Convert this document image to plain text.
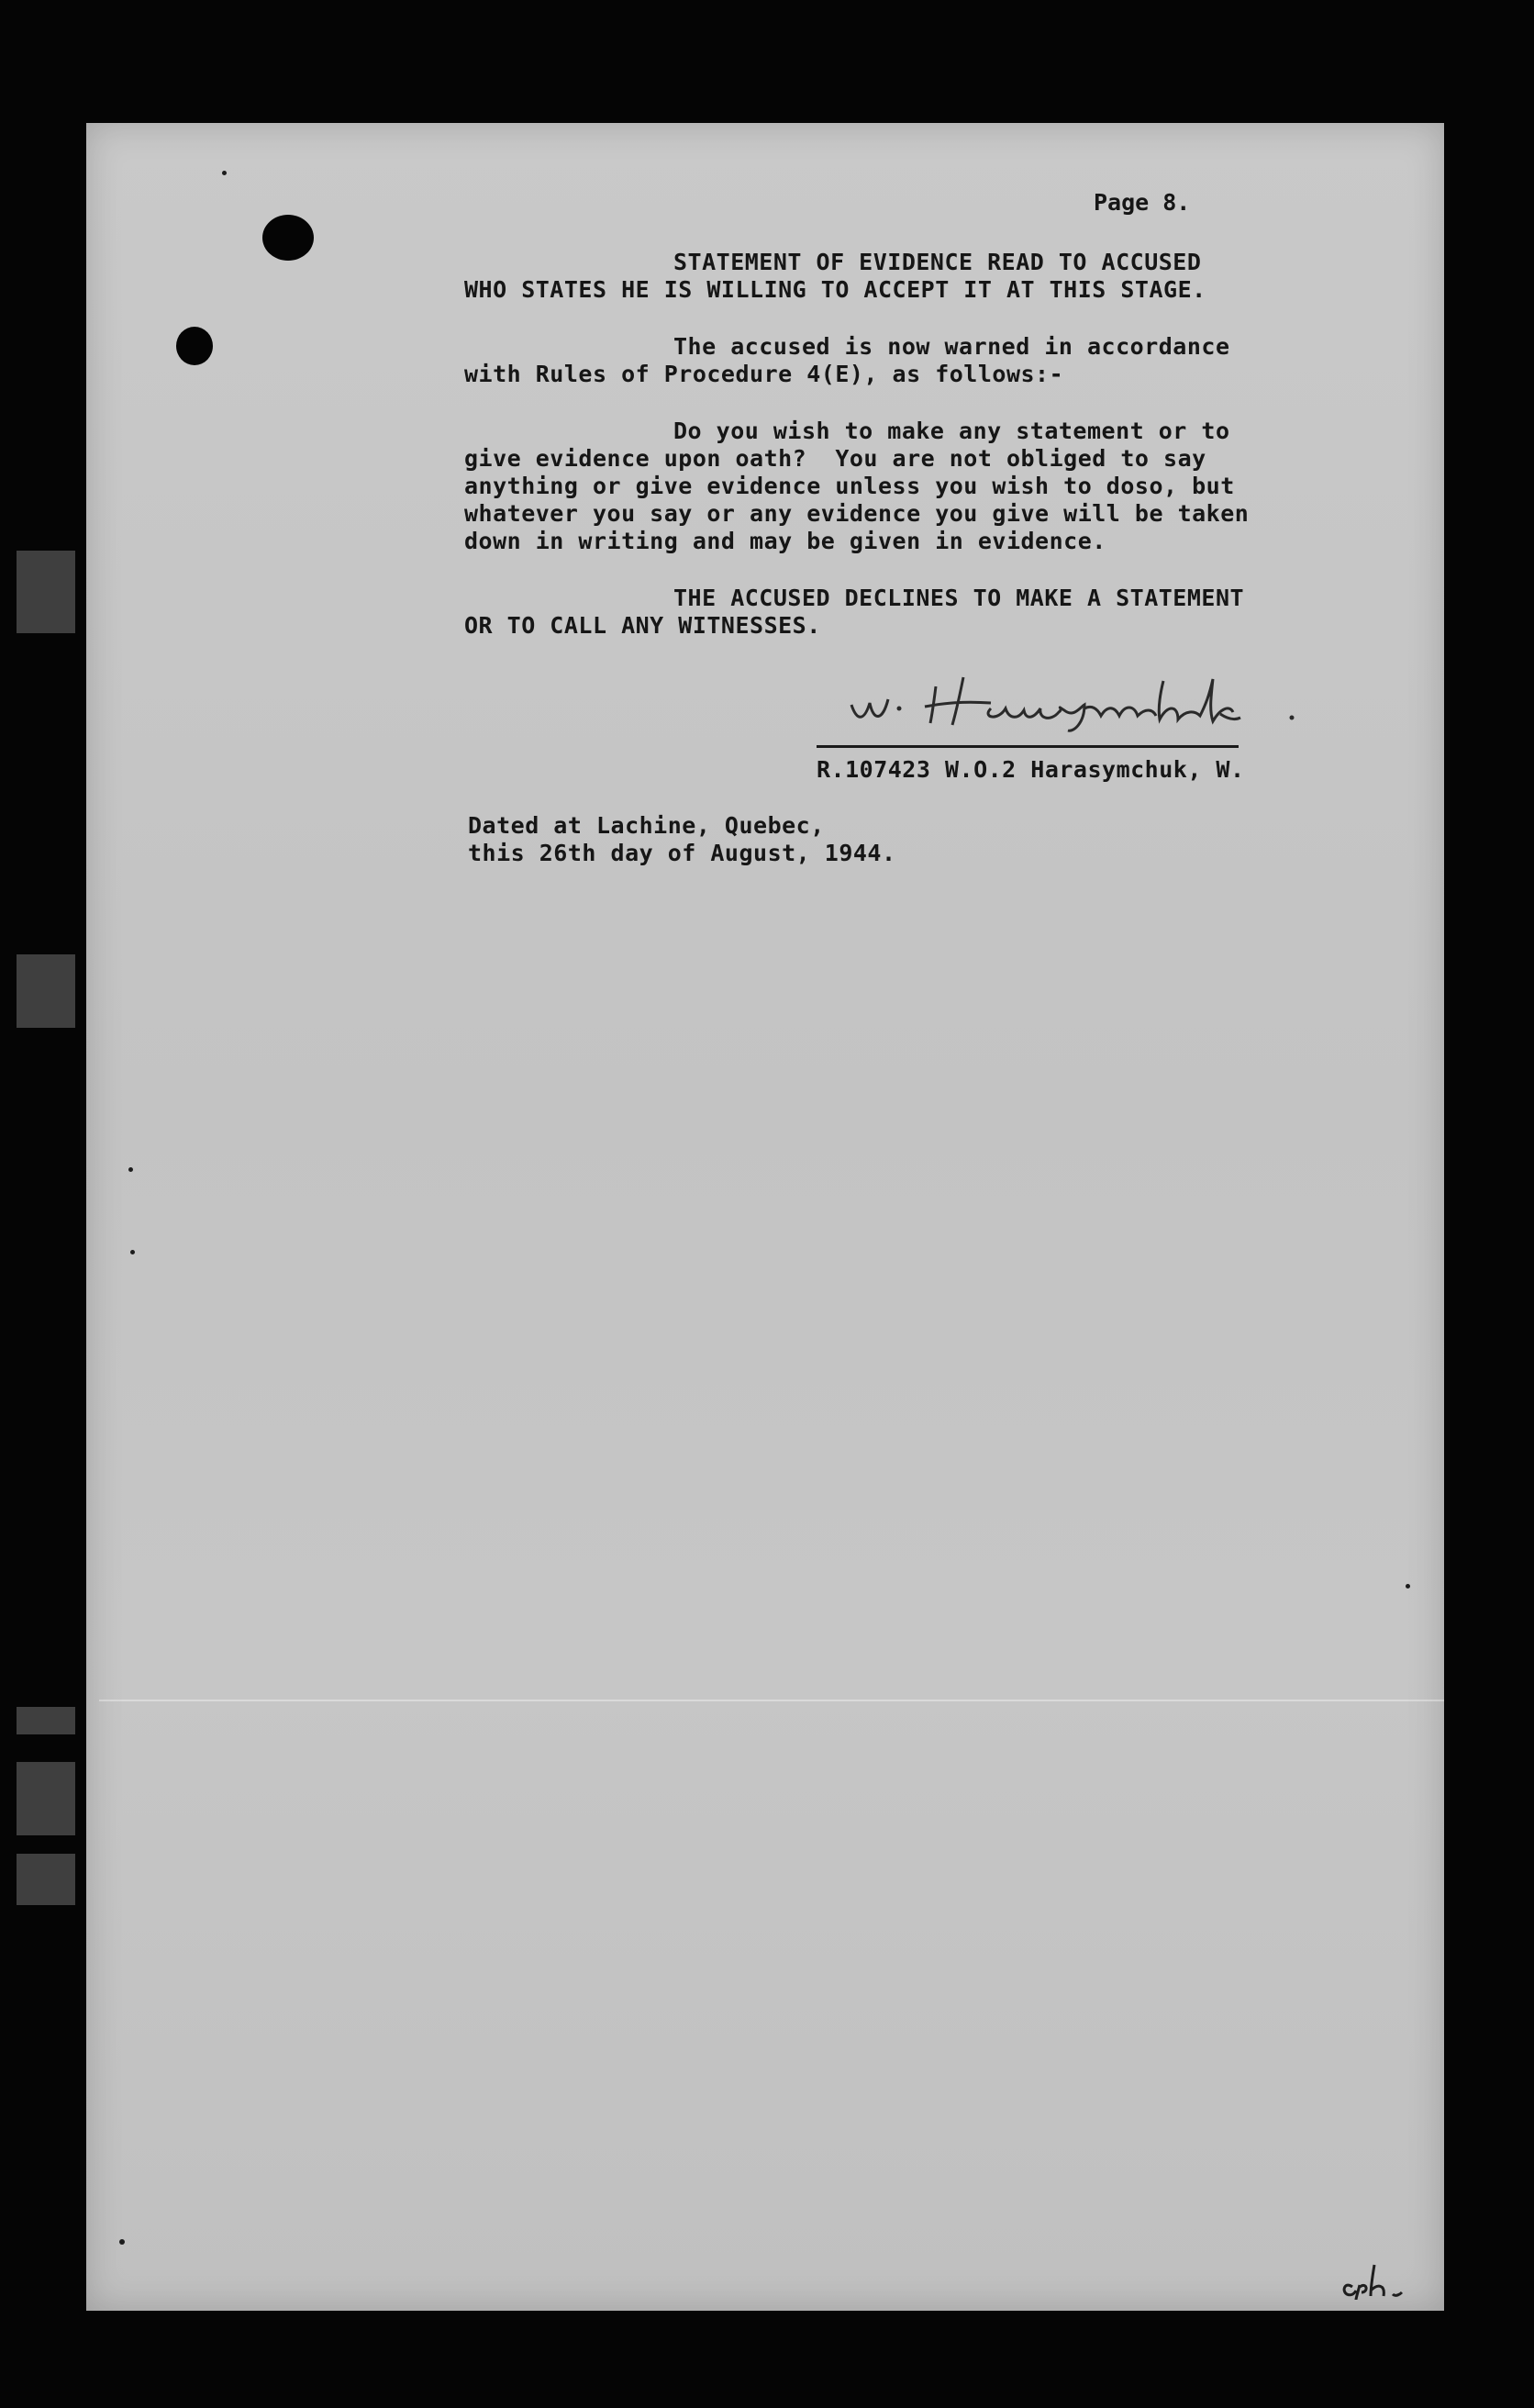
Page 8.
STATEMENT OF EVIDENCE READ TO ACCUSED
WHO STATES HE IS WILLING TO ACCEPT IT AT THIS STAGE.
The accused is now warned in accordance
with Rules of Procedure 4(E), as follows:-
Do you wish to make any statement or to
give evidence upon oath?  You are not obliged to say
anything or give evidence unless you wish to doso, but
whatever you say or any evidence you give will be taken
down in writing and may be given in evidence.
THE ACCUSED DECLINES TO MAKE A STATEMENT
OR TO CALL ANY WITNESSES.
R.107423 W.O.2 Harasymchuk, W.
Dated at Lachine, Quebec,
this 26th day of August, 1944.
